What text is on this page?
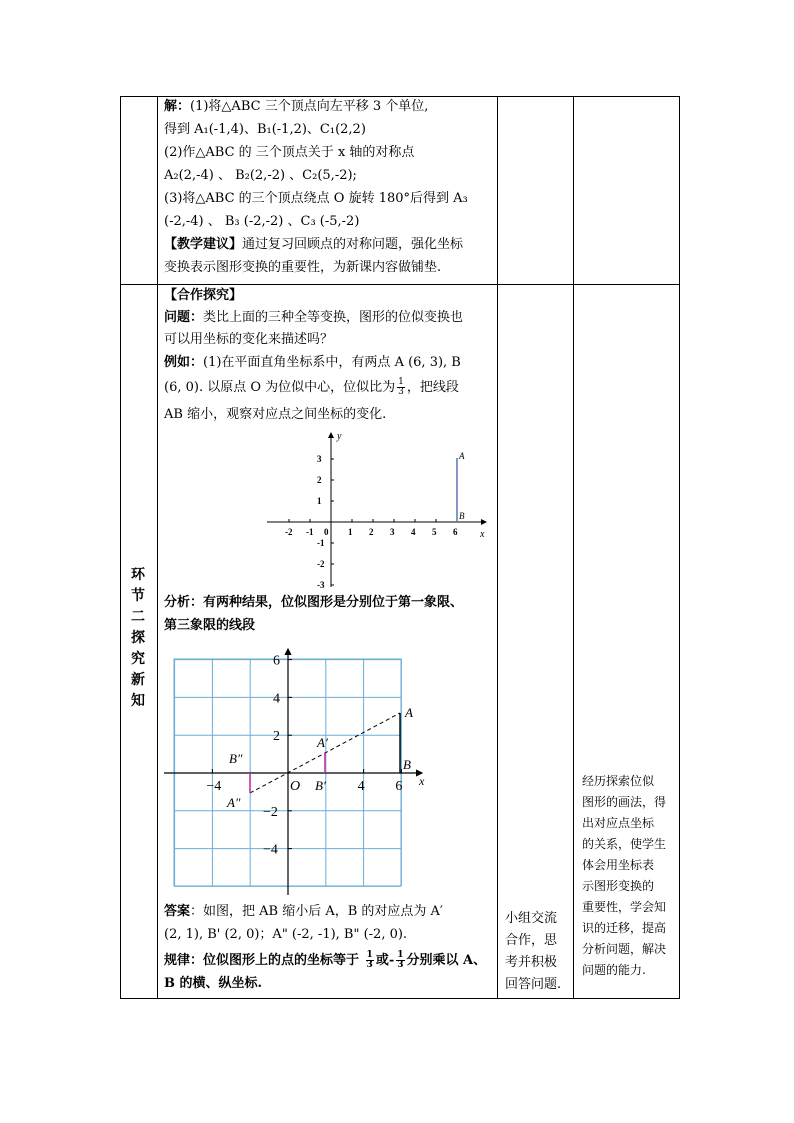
解：(1)将△ABC 三个顶点向左平移 3 个单位,
得到 A₁(-1,4)、B₁(-1,2)、C₁(2,2)
(2)作△ABC 的 三个顶点关于 x 轴的对称点
A₂(2,-4) 、 B₂(2,-2) 、C₂(5,-2);
(3)将△ABC 的三个顶点绕点 O 旋转 180°后得到 A₃
(-2,-4) 、 B₃ (-2,-2) 、C₃ (-5,-2)
【教学建议】通过复习回顾点的对称问题，强化坐标
变换表示图形变换的重要性，为新课内容做铺垫.
环
节
二
探
究
新
知
【合作探究】
问题：类比上面的三种全等变换，图形的位似变换也
可以用坐标的变化来描述吗？
例如：(1)在平面直角坐标系中，有两点 A (6, 3), B
(6, 0). 以原点 O 为位似中心，位似比为 $\frac{1}{3}$ ，把线段
AB 缩小，观察对应点之间坐标的变化.
-2 -1 0 1 2 3 4 5 6
3
2
1
-1
-2
-3
y
x
A
B
分析：有两种结果，位似图形是分别位于第一象限、
第三象限的线段
−4	O	4 6
6
4
2
−2
−4
A
B
A′
B′
A″
B″
x
答案：如图，把 AB 缩小后 A，B 的对应点为 A′
(2, 1), B' (2, 0)；A" (-2, -1), B" (-2, 0).
规律：位似图形上的点的坐标等于 $\frac{1}{3}$ 或- $\frac{1}{3}$ 分别乘以 A、
B 的横、纵坐标.
小组交流
合作，思
考并积极
回答问题.
经历探索位似
图形的画法，得
出对应点坐标
的关系，使学生
体会用坐标表
示图形变换的
重要性，学会知
识的迁移，提高
分析问题，解决
问题的能力.
